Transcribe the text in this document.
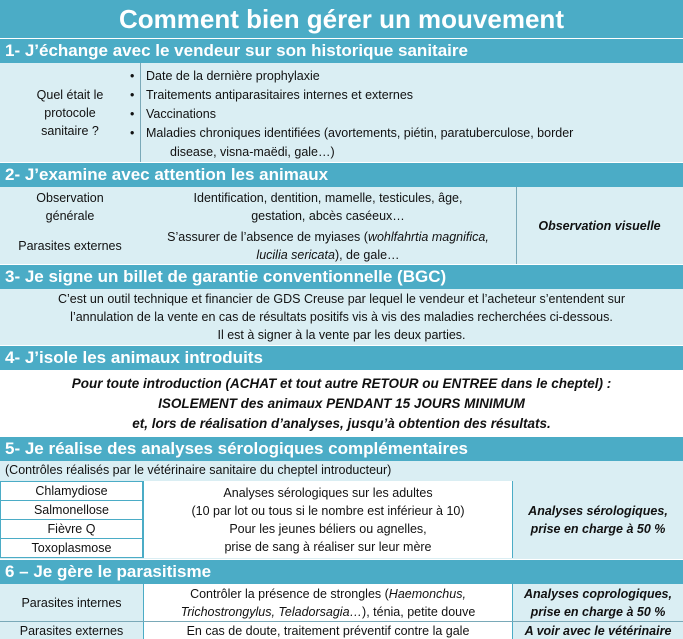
Comment bien gérer un mouvement
1- J’échange avec le vendeur sur son historique sanitaire
Quel était le
protocole
sanitaire ?
• Date de la dernière prophylaxie
• Traitements antiparasitaires internes et externes
• Vaccinations
• Maladies chroniques identifiées (avortements, piétin, paratuberculose, border
disease, visna-maëdi, gale…)
2- J’examine avec attention les animaux
Observation
générale
Identification, dentition, mamelle, testicules, âge,
gestation, abcès caséeux…
Parasites externes
S’assurer de l’absence de myiases (wohlfahrtia magnifica,
lucilia sericata), de gale…
Observation visuelle
3- Je signe un billet de garantie conventionnelle (BGC)
C’est un outil technique et financier de GDS Creuse par lequel le vendeur et l’acheteur s’entendent sur
l’annulation de la vente en cas de résultats positifs vis à vis des maladies recherchées ci-dessous.
Il est à signer à la vente par les deux parties.
4- J’isole les animaux introduits
Pour toute introduction (ACHAT et tout autre RETOUR ou ENTREE dans le cheptel) :
ISOLEMENT des animaux PENDANT 15 JOURS MINIMUM
et, lors de réalisation d’analyses, jusqu’à obtention des résultats.
5- Je réalise des analyses sérologiques complémentaires
(Contrôles réalisés par le vétérinaire sanitaire du cheptel introducteur)
Chlamydiose
Salmonellose
Fièvre Q
Toxoplasmose
Analyses sérologiques sur les adultes
(10 par lot ou tous si le nombre est inférieur à 10)
Pour les jeunes béliers ou agnelles,
prise de sang à réaliser sur leur mère
Analyses sérologiques,
prise en charge à 50 %
6 – Je gère le parasitisme
Parasites internes
Contrôler la présence de strongles (Haemonchus,
Trichostrongylus, Teladorsagia…), ténia, petite douve
Analyses coprologiques,
prise en charge à 50 %
Parasites externes	En cas de doute, traitement préventif contre la gale	A voir avec le vétérinaire
